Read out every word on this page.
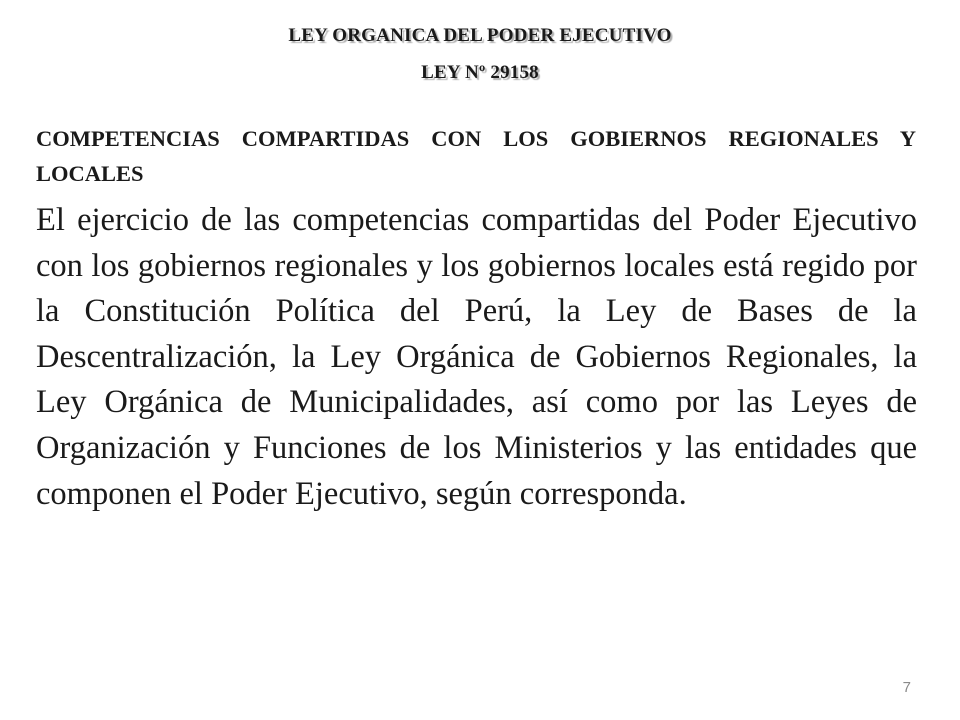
LEY ORGANICA DEL PODER EJECUTIVO
LEY Nº 29158
COMPETENCIAS COMPARTIDAS CON LOS GOBIERNOS REGIONALES Y LOCALES

El ejercicio de las competencias compartidas del Poder Ejecutivo con los gobiernos regionales y los gobiernos locales está regido por la Constitución Política del Perú, la Ley de Bases de la Descentralización, la Ley Orgánica de Gobiernos Regionales, la Ley Orgánica de Municipalidades, así como por las Leyes de Organización y Funciones de los Ministerios y las entidades que componen el Poder Ejecutivo, según corresponda.

7
